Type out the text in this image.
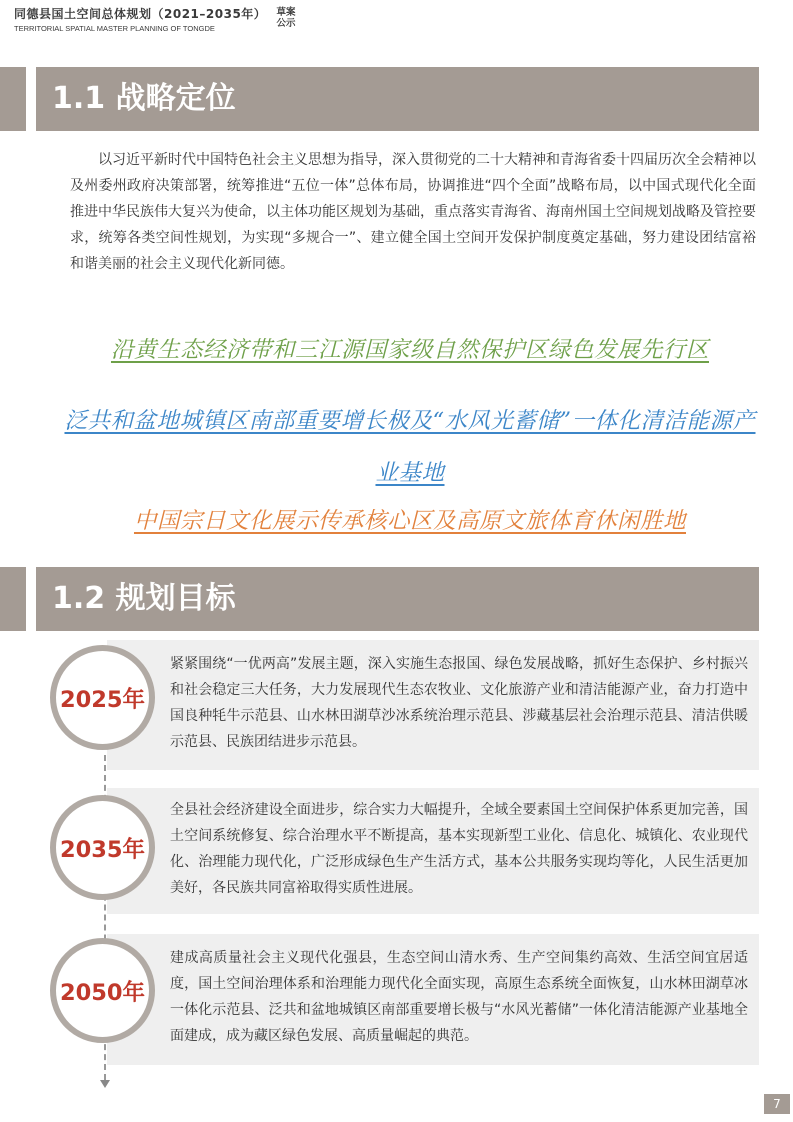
同德县国土空间总体规划（2021–2035年）
TERRITORIAL SPATIAL MASTER PLANNING OF TONGDE
草案
公示
1.1 战略定位
以习近平新时代中国特色社会主义思想为指导，深入贯彻党的二十大精神和青海省委十四届历次全会精神以及州委州政府决策部署，统筹推进“五位一体”总体布局，协调推进“四个全面”战略布局，以中国式现代化全面推进中华民族伟大复兴为使命，以主体功能区规划为基础，重点落实青海省、海南州国土空间规划战略及管控要求，统筹各类空间性规划，为实现“多规合一”、建立健全国土空间开发保护制度奠定基础，努力建设团结富裕和谐美丽的社会主义现代化新同德。
沿黄生态经济带和三江源国家级自然保护区绿色发展先行区
泛共和盆地城镇区南部重要增长极及“水风光蓄储”一体化清洁能源产业基地
中国宗日文化展示传承核心区及高原文旅体育休闲胜地
1.2 规划目标
紧紧围绕“一优两高”发展主题，深入实施生态报国、绿色发展战略，抓好生态保护、乡村振兴和社会稳定三大任务，大力发展现代生态农牧业、文化旅游产业和清洁能源产业，奋力打造中国良种牦牛示范县、山水林田湖草沙冰系统治理示范县、涉藏基层社会治理示范县、清洁供暖示范县、民族团结进步示范县。
2025年
全县社会经济建设全面进步，综合实力大幅提升，全域全要素国土空间保护体系更加完善，国土空间系统修复、综合治理水平不断提高，基本实现新型工业化、信息化、城镇化、农业现代化、治理能力现代化，广泛形成绿色生产生活方式，基本公共服务实现均等化，人民生活更加美好，各民族共同富裕取得实质性进展。
2035年
建成高质量社会主义现代化强县，生态空间山清水秀、生产空间集约高效、生活空间宜居适度，国土空间治理体系和治理能力现代化全面实现，高原生态系统全面恢复，山水林田湖草冰一体化示范县、泛共和盆地城镇区南部重要增长极与“水风光蓄储”一体化清洁能源产业基地全面建成，成为藏区绿色发展、高质量崛起的典范。
2050年
7
